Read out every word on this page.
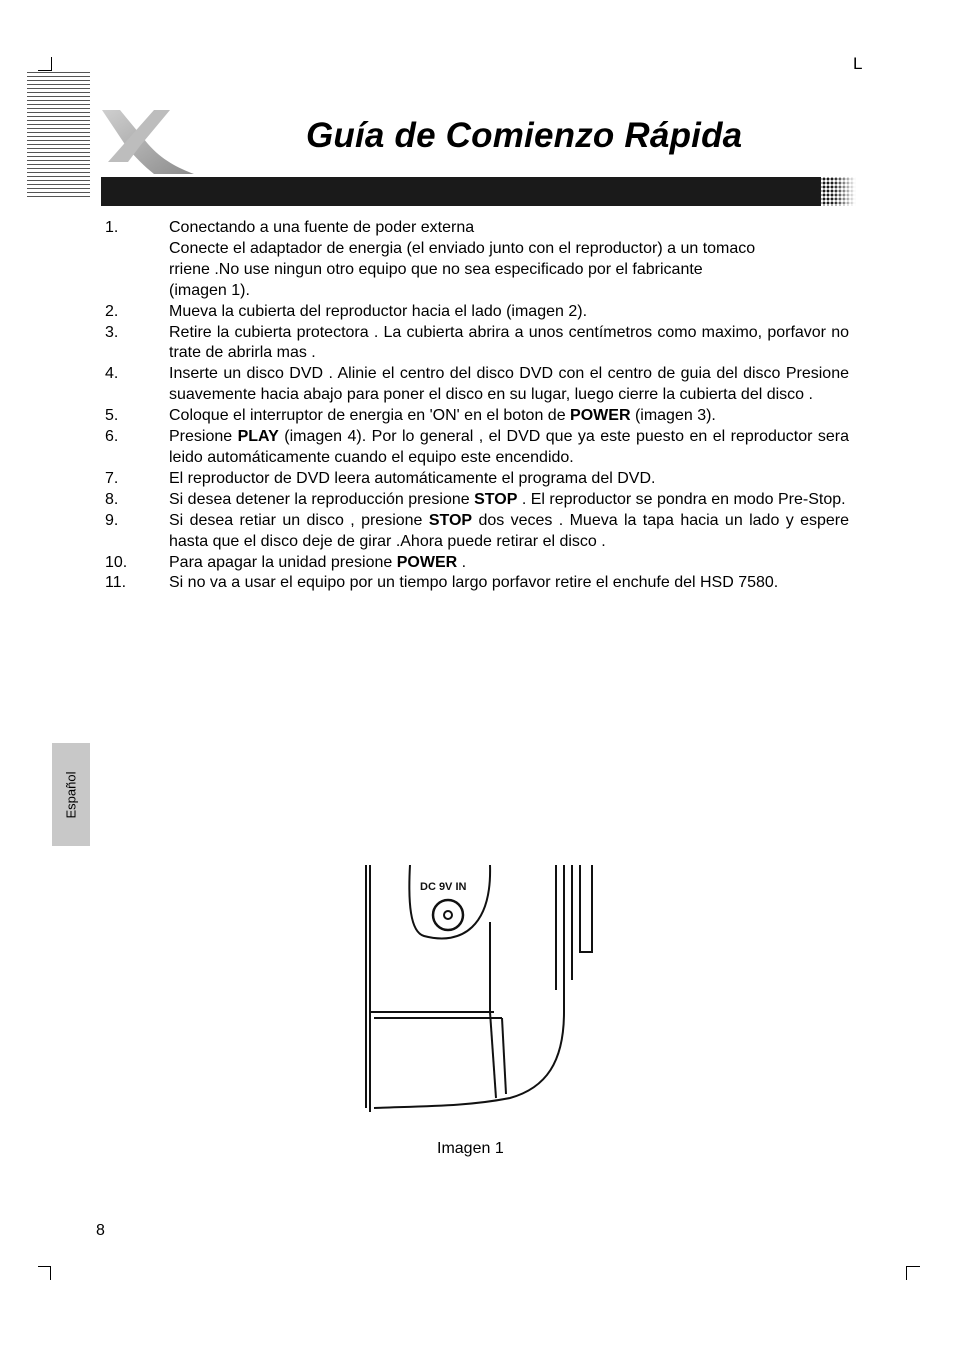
L
Guía de Comienzo Rápida
1.	Conectando a una fuente de poder externa
Conecte el adaptador de energia (el enviado junto con el reproductor) a un tomaco
rriene .No use ningun otro equipo que no sea especificado por el fabricante
(imagen 1).
2.	Mueva la cubierta del reproductor hacia el lado (imagen 2).
3.	Retire la cubierta protectora . La cubierta abrira a unos centímetros como maximo, porfavor no trate de abrirla mas .
4.	Inserte un disco DVD . Alinie el centro del disco DVD con el centro de guia del disco Presione suavemente hacia abajo para poner el disco en su lugar, luego cierre la cubierta del disco .
5.	Coloque el interruptor de energia en 'ON' en el boton de POWER (imagen 3).
6.	Presione PLAY (imagen 4). Por lo general , el DVD que ya este puesto en el reproductor sera leido automáticamente cuando el equipo este encendido.
7.	El reproductor de DVD leera automáticamente el programa del DVD.
8.	Si desea detener la reproducción presione STOP . El reproductor se pondra en modo Pre-Stop.
9.	Si desea retiar un disco , presione STOP dos veces . Mueva la tapa hacia un lado y espere hasta que el disco deje de girar .Ahora puede retirar el disco .
10.	Para apagar la unidad presione POWER .
11.	Si no va a usar el equipo por un tiempo largo porfavor retire el enchufe del HSD 7580.
Español
DC 9V IN
Imagen 1
8
